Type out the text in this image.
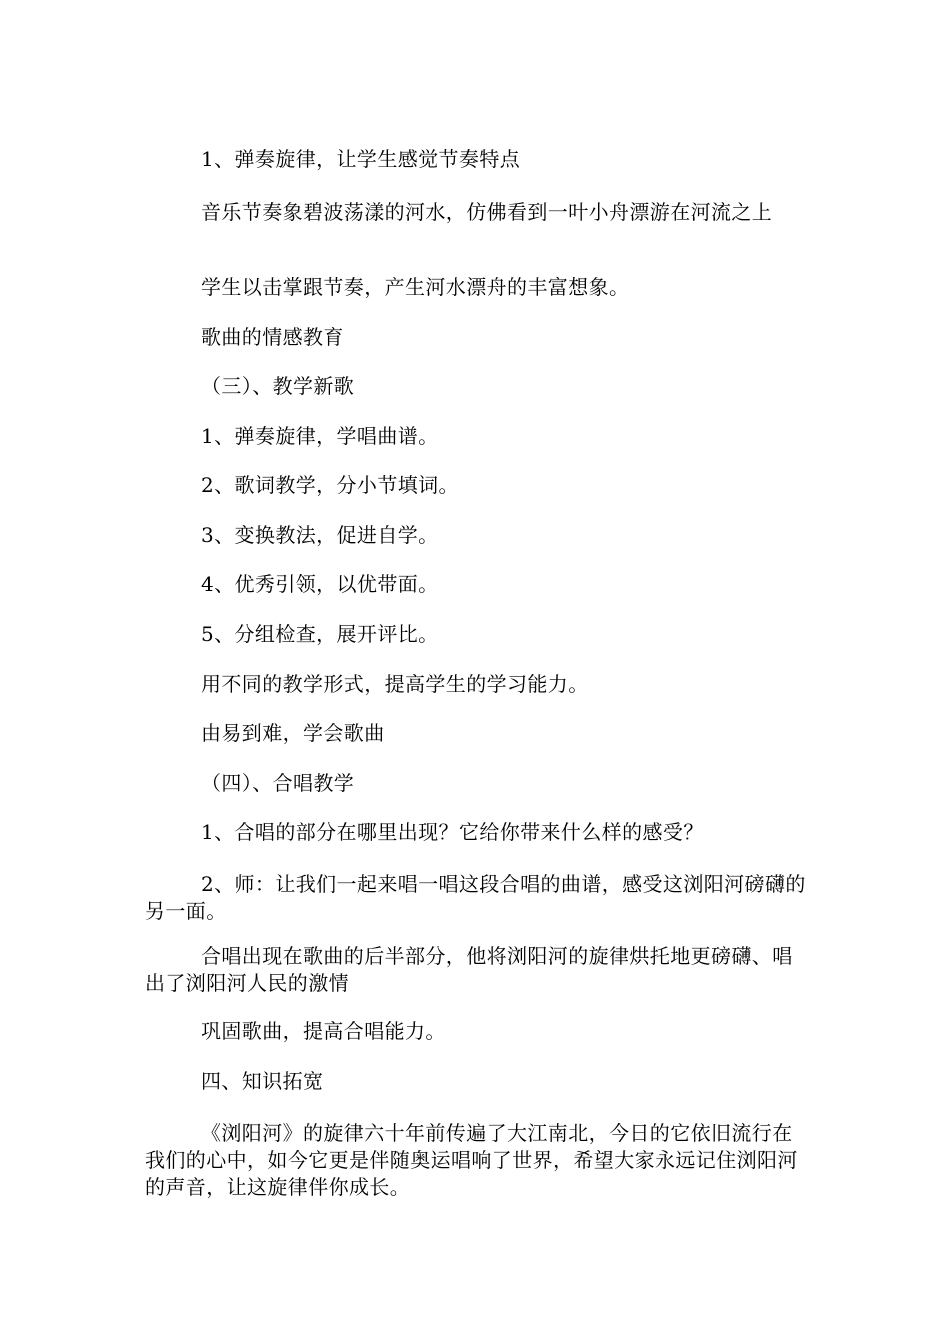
1、弹奏旋律，让学生感觉节奏特点

音乐节奏象碧波荡漾的河水，仿佛看到一叶小舟漂游在河流之上

学生以击掌跟节奏，产生河水漂舟的丰富想象。

歌曲的情感教育

（三）、教学新歌

1、弹奏旋律，学唱曲谱。

2、歌词教学，分小节填词。

3、变换教法，促进自学。

4、优秀引领，以优带面。

5、分组检查，展开评比。

用不同的教学形式，提高学生的学习能力。

由易到难，学会歌曲

（四）、合唱教学

1、合唱的部分在哪里出现？它给你带来什么样的感受？

2、师：让我们一起来唱一唱这段合唱的曲谱，感受这浏阳河磅礴的另一面。

合唱出现在歌曲的后半部分，他将浏阳河的旋律烘托地更磅礴、唱出了浏阳河人民的激情

巩固歌曲，提高合唱能力。

四、知识拓宽

《浏阳河》的旋律六十年前传遍了大江南北，今日的它依旧流行在我们的心中，如今它更是伴随奥运唱响了世界，希望大家永远记住浏阳河的声音，让这旋律伴你成长。
